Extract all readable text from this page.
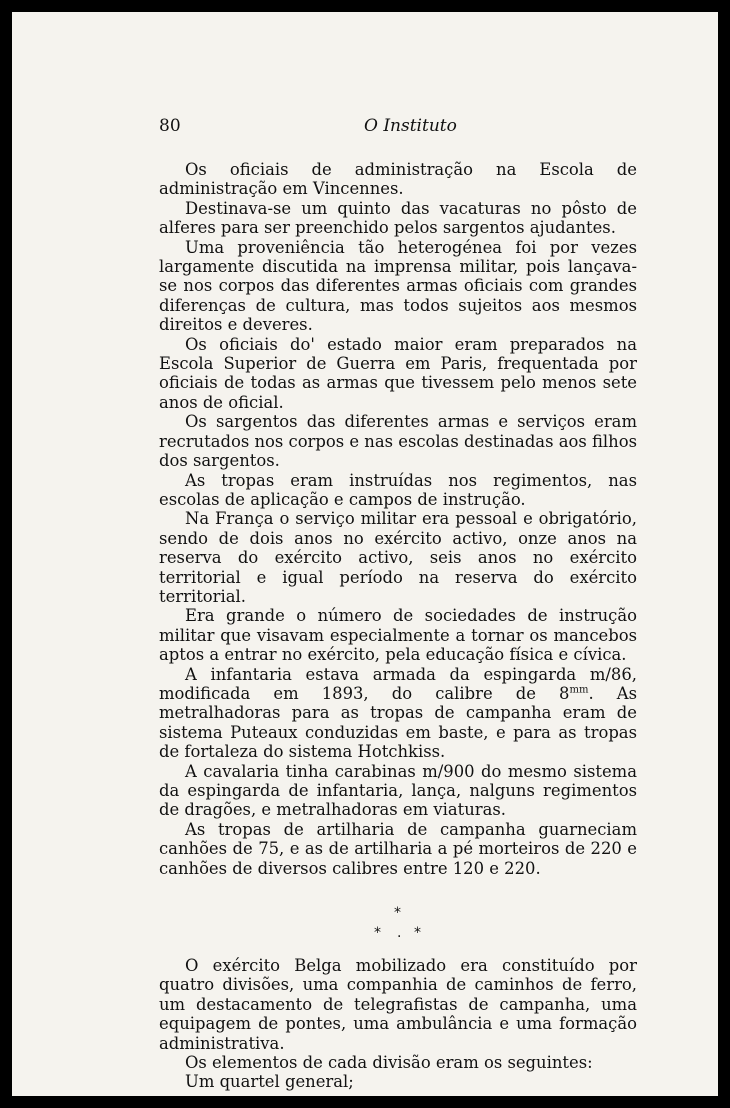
80	O Instituto

Os oficiais de administração na Escola de administração em Vincennes.

Destinava-se um quinto das vacaturas no pôsto de alferes para ser preenchido pelos sargentos ajudantes.

Uma proveniência tão heterogénea foi por vezes largamente discutida na imprensa militar, pois lançava-se nos corpos das diferentes armas oficiais com grandes diferenças de cultura, mas todos sujeitos aos mesmos direitos e deveres.

Os oficiais do' estado maior eram preparados na Escola Superior de Guerra em Paris, frequentada por oficiais de todas as armas que tivessem pelo menos sete anos de oficial.

Os sargentos das diferentes armas e serviços eram recrutados nos corpos e nas escolas destinadas aos filhos dos sargentos.

As tropas eram instruídas nos regimentos, nas escolas de aplicação e campos de instrução.

Na França o serviço militar era pessoal e obrigatório, sendo de dois anos no exército activo, onze anos na reserva do exército activo, seis anos no exército territorial e igual período na reserva do exército territorial.

Era grande o número de sociedades de instrução militar que visavam especialmente a tornar os mancebos aptos a entrar no exército, pela educação física e cívica.

A infantaria estava armada da espingarda m/86, modificada em 1893, do calibre de $8^{mm}$. As metralhadoras para as tropas de campanha eram de sistema Puteaux conduzidas em baste, e para as tropas de fortaleza do sistema Hotchkiss.

A cavalaria tinha carabinas m/900 do mesmo sistema da espingarda de infantaria, lança, nalguns regimentos de dragões, e metralhadoras em viaturas.

As tropas de artilharia de campanha guarneciam canhões de 75, e as de artilharia a pé morteiros de 220 e canhões de diversos calibres entre 120 e 220.

*
* . *

O exército Belga mobilizado era constituído por quatro divisões, uma companhia de caminhos de ferro, um destacamento de telegrafistas de campanha, uma equipagem de pontes, uma ambulância e uma formação administrativa.

Os elementos de cada divisão eram os seguintes:

Um quartel general;
